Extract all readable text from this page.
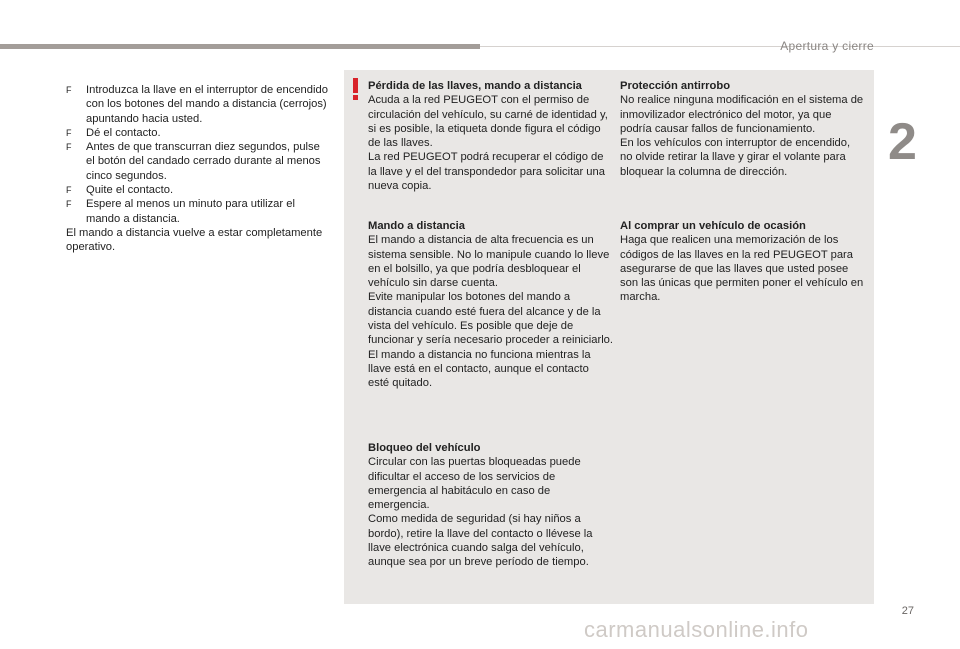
Apertura y cierre
2
F	Introduzca la llave en el interruptor de encendido con los botones del mando a distancia (cerrojos) apuntando hacia usted.
F	Dé el contacto.
F	Antes de que transcurran diez segundos, pulse el botón del candado cerrado durante al menos cinco segundos.
F	Quite el contacto.
F	Espere al menos un minuto para utilizar el mando a distancia.
El mando a distancia vuelve a estar completamente operativo.
Pérdida de las llaves, mando a distancia

Acuda a la red PEUGEOT con el permiso de circulación del vehículo, su carné de identidad y, si es posible, la etiqueta donde figura el código de las llaves.

La red PEUGEOT podrá recuperar el código de la llave y el del transpondedor para solicitar una nueva copia.

Mando a distancia

El mando a distancia de alta frecuencia es un sistema sensible. No lo manipule cuando lo lleve en el bolsillo, ya que podría desbloquear el vehículo sin darse cuenta.

Evite manipular los botones del mando a distancia cuando esté fuera del alcance y de la vista del vehículo. Es posible que deje de funcionar y sería necesario proceder a reiniciarlo.

El mando a distancia no funciona mientras la llave está en el contacto, aunque el contacto esté quitado.

Bloqueo del vehículo

Circular con las puertas bloqueadas puede dificultar el acceso de los servicios de emergencia al habitáculo en caso de emergencia.

Como medida de seguridad (si hay niños a bordo), retire la llave del contacto o llévese la llave electrónica cuando salga del vehículo, aunque sea por un breve período de tiempo.

Protección antirrobo

No realice ninguna modificación en el sistema de inmovilizador electrónico del motor, ya que podría causar fallos de funcionamiento.

En los vehículos con interruptor de encendido, no olvide retirar la llave y girar el volante para bloquear la columna de dirección.

Al comprar un vehículo de ocasión

Haga que realicen una memorización de los códigos de las llaves en la red PEUGEOT para asegurarse de que las llaves que usted posee son las únicas que permiten poner el vehículo en marcha.

27
carmanualsonline.info
